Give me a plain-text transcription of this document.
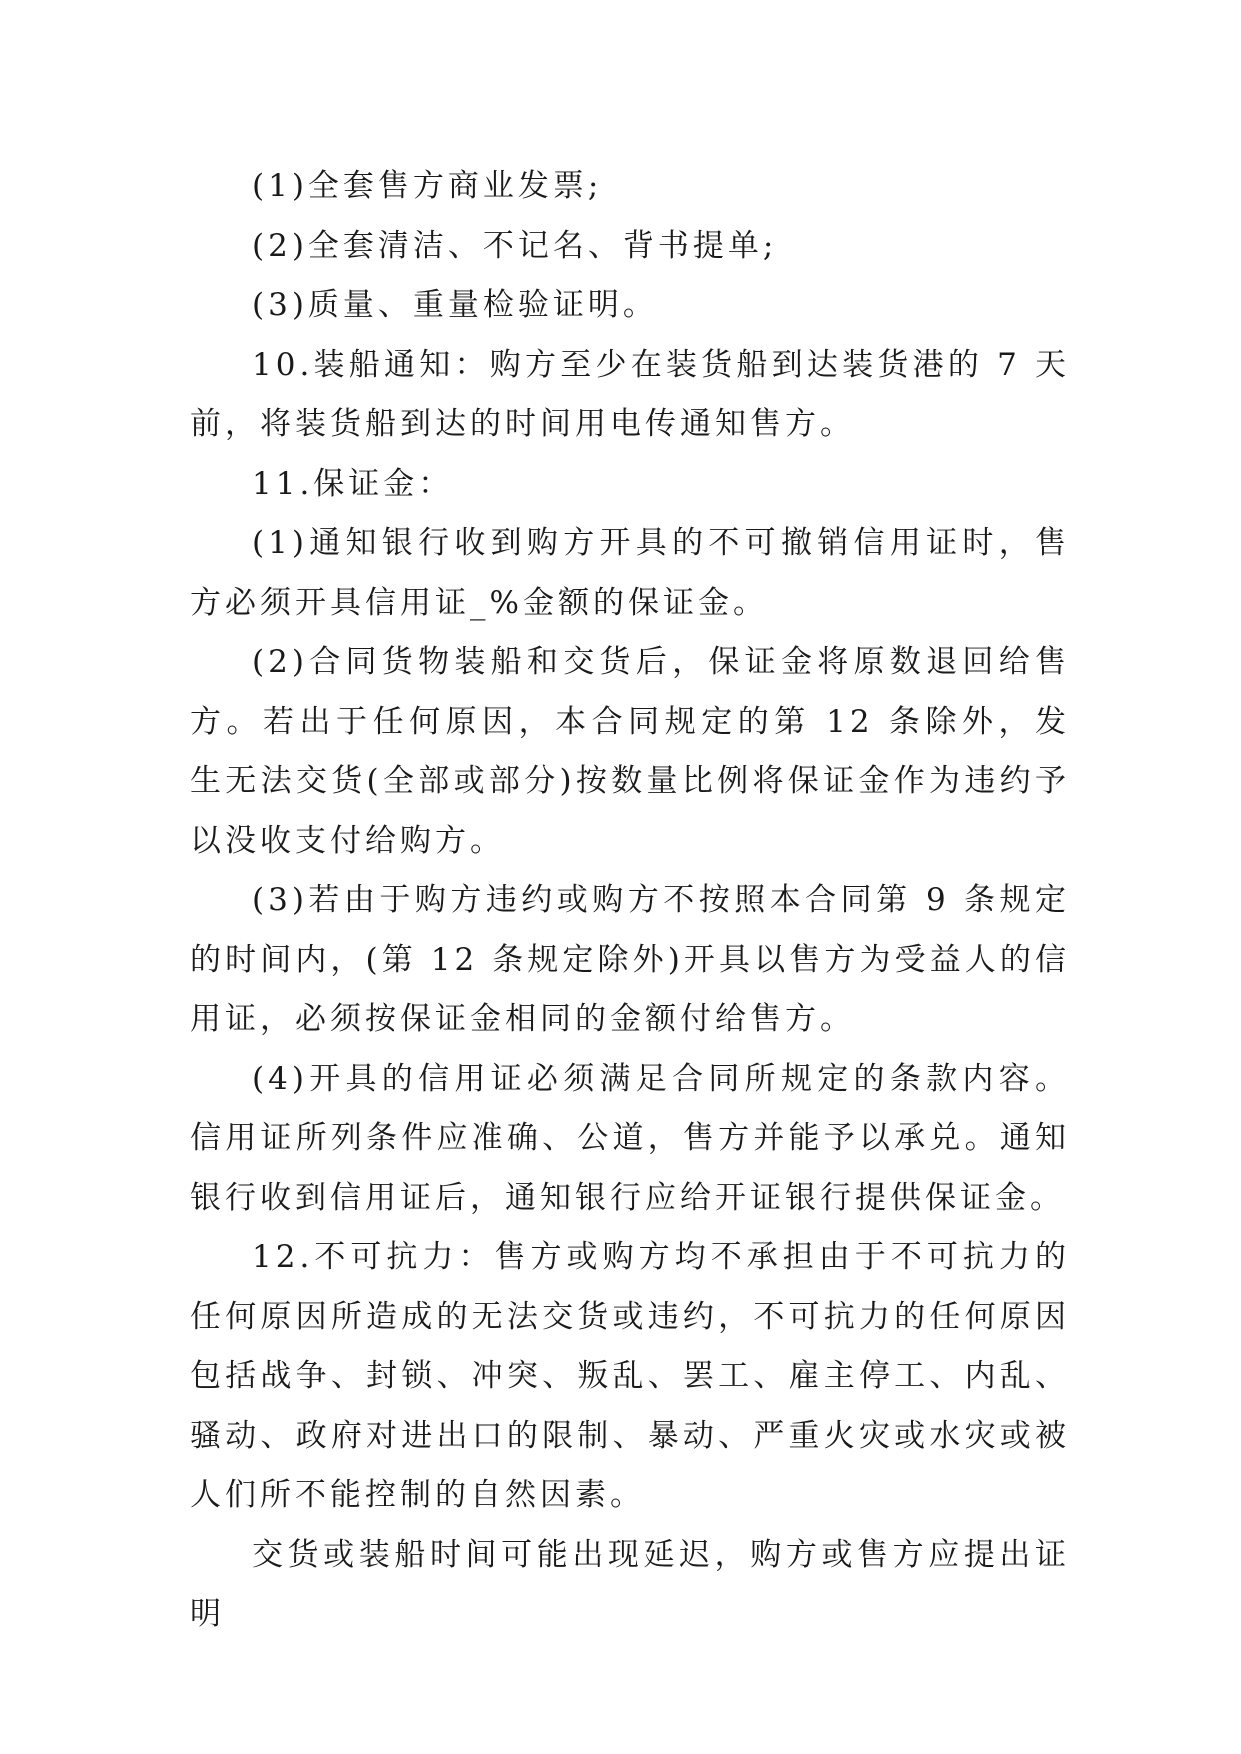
(1)全套售方商业发票;

(2)全套清洁、不记名、背书提单;

(3)质量、重量检验证明。

10.装船通知：购方至少在装货船到达装货港的 7 天前，将装货船到达的时间用电传通知售方。

11.保证金：

(1)通知银行收到购方开具的不可撤销信用证时，售方必须开具信用证_%金额的保证金。

(2)合同货物装船和交货后，保证金将原数退回给售方。若出于任何原因，本合同规定的第 12 条除外，发生无法交货(全部或部分)按数量比例将保证金作为违约予以没收支付给购方。

(3)若由于购方违约或购方不按照本合同第 9 条规定的时间内，(第 12 条规定除外)开具以售方为受益人的信用证，必须按保证金相同的金额付给售方。

(4)开具的信用证必须满足合同所规定的条款内容。信用证所列条件应准确、公道，售方并能予以承兑。通知银行收到信用证后，通知银行应给开证银行提供保证金。

12.不可抗力：售方或购方均不承担由于不可抗力的任何原因所造成的无法交货或违约，不可抗力的任何原因包括战争、封锁、冲突、叛乱、罢工、雇主停工、内乱、骚动、政府对进出口的限制、暴动、严重火灾或水灾或被人们所不能控制的自然因素。

交货或装船时间可能出现延迟，购方或售方应提出证明
